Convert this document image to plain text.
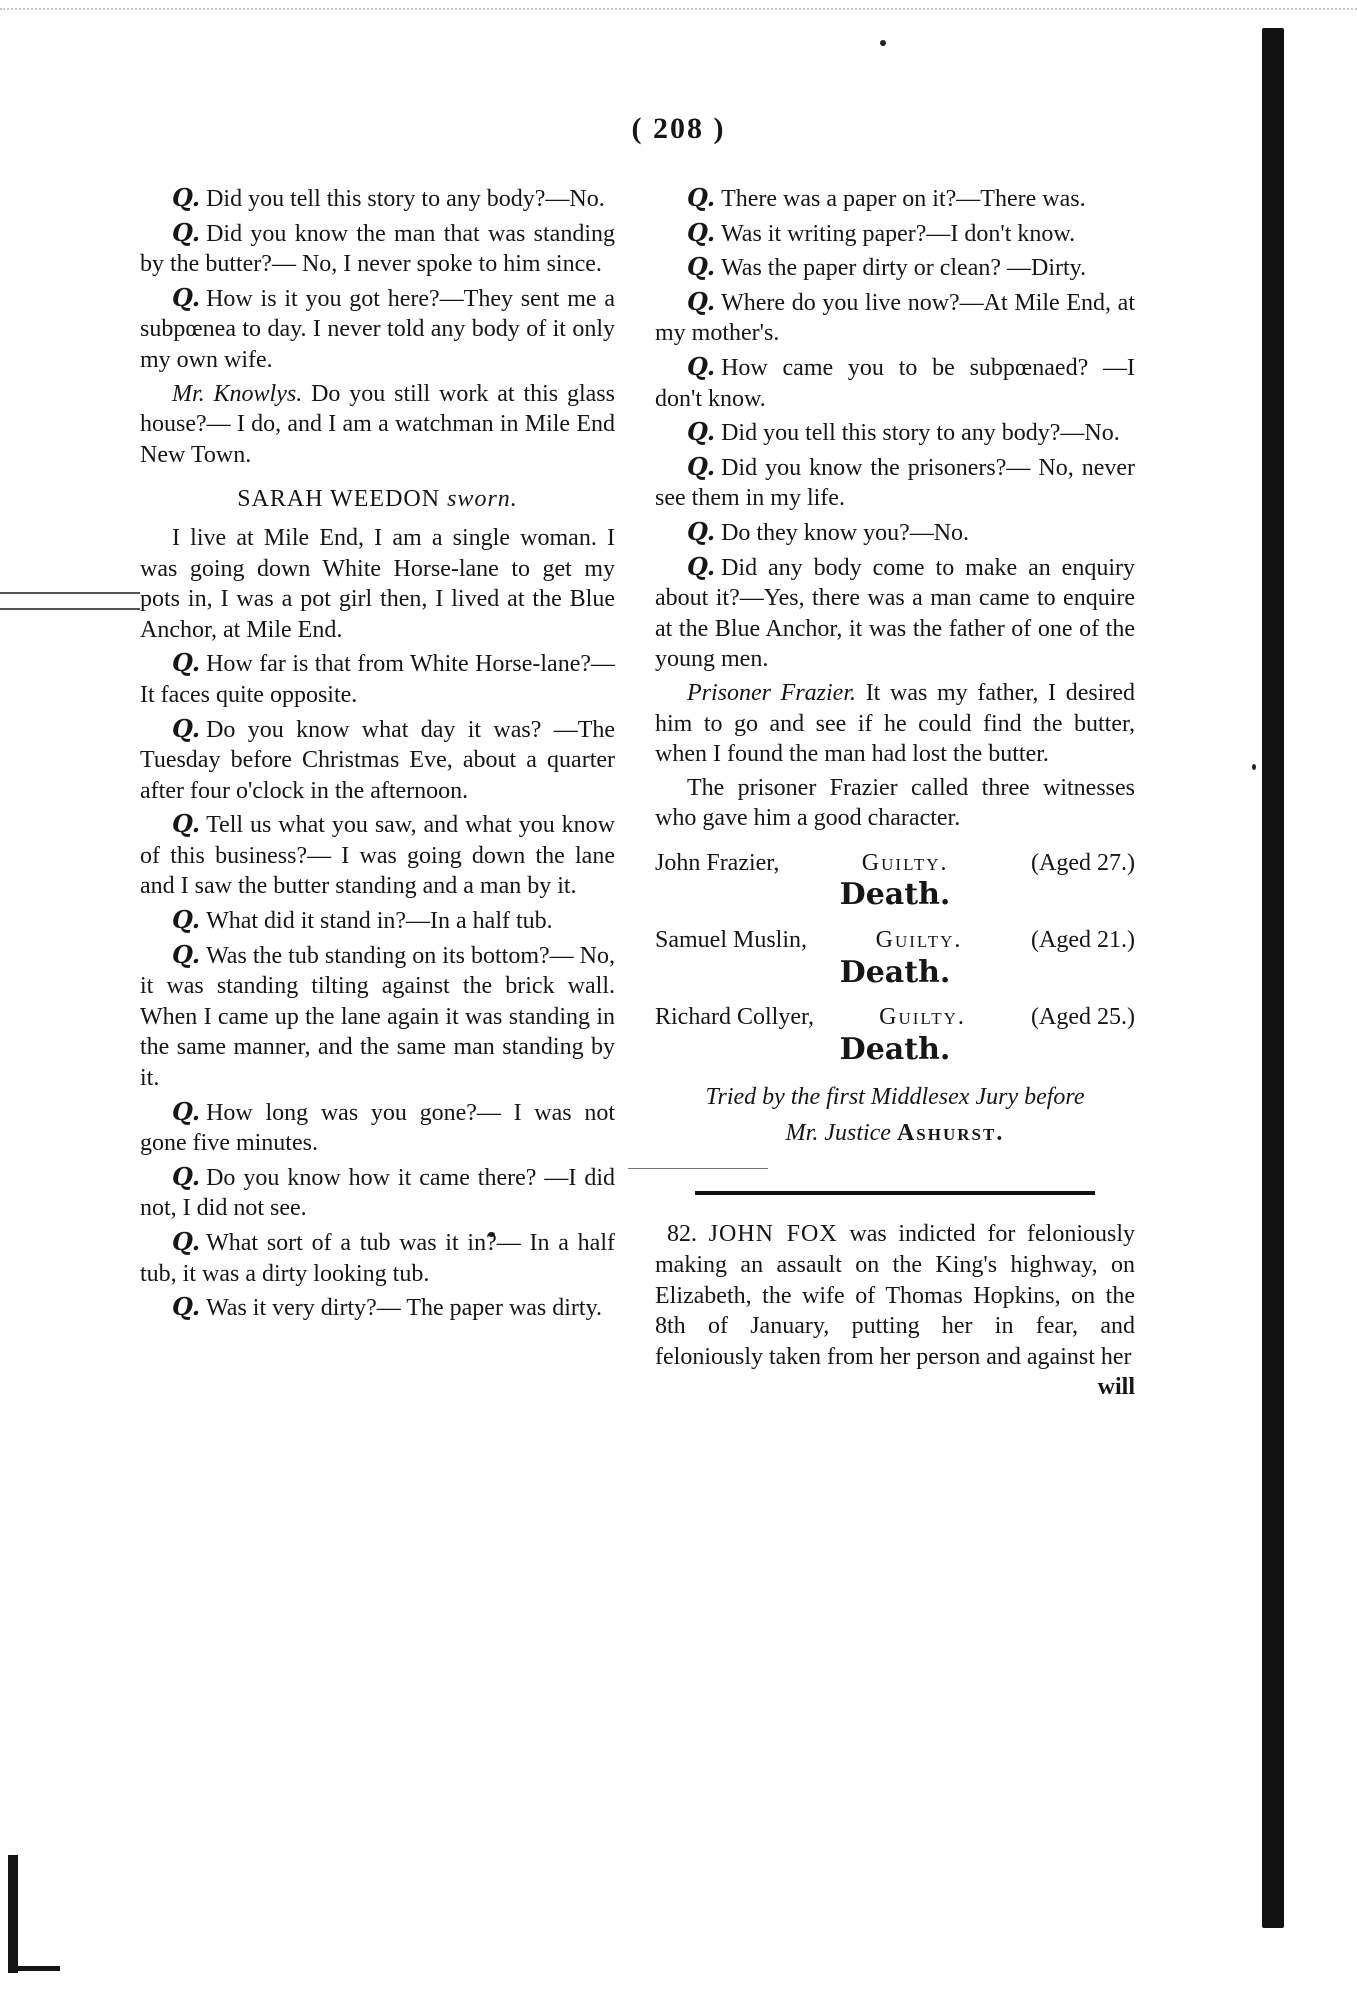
( 208 )

Q. Did you tell this story to any body?—No.

Q. Did you know the man that was standing by the butter?— No, I never spoke to him since.

Q. How is it you got here?—They sent me a subpœnea to day. I never told any body of it only my own wife.

Mr. Knowlys. Do you still work at this glass house?— I do, and I am a watchman in Mile End New Town.

SARAH WEEDON sworn.

I live at Mile End, I am a single woman. I was going down White Horse-lane to get my pots in, I was a pot girl then, I lived at the Blue Anchor, at Mile End.

Q. How far is that from White Horse-lane?—It faces quite opposite.

Q. Do you know what day it was? —The Tuesday before Christmas Eve, about a quarter after four o'clock in the afternoon.

Q. Tell us what you saw, and what you know of this business?— I was going down the lane and I saw the butter standing and a man by it.

Q. What did it stand in?—In a half tub.

Q. Was the tub standing on its bottom?— No, it was standing tilting against the brick wall. When I came up the lane again it was standing in the same manner, and the same man standing by it.

Q. How long was you gone?— I was not gone five minutes.

Q. Do you know how it came there? —I did not, I did not see.

Q. What sort of a tub was it in?— In a half tub, it was a dirty looking tub.

Q. Was it very dirty?— The paper was dirty.

Q. There was a paper on it?—There was.

Q. Was it writing paper?—I don't know.

Q. Was the paper dirty or clean? —Dirty.

Q. Where do you live now?—At Mile End, at my mother's.

Q. How came you to be subpœnaed? —I don't know.

Q. Did you tell this story to any body?—No.

Q. Did you know the prisoners?— No, never see them in my life.

Q. Do they know you?—No.

Q. Did any body come to make an enquiry about it?—Yes, there was a man came to enquire at the Blue Anchor, it was the father of one of the young men.

Prisoner Frazier. It was my father, I desired him to go and see if he could find the butter, when I found the man had lost the butter.

The prisoner Frazier called three witnesses who gave him a good character.

John Frazier,	Guilty.	(Aged 27.)
Death.
Samuel Muslin,	Guilty.	(Aged 21.)
Death.
Richard Collyer,	Guilty.	(Aged 25.)
Death.
Tried by the first Middlesex Jury before
Mr. Justice Ashurst.

82. JOHN FOX was indicted for feloniously making an assault on the King's highway, on Elizabeth, the wife of Thomas Hopkins, on the 8th of January, putting her in fear, and feloniously taken from her person and against her

will
